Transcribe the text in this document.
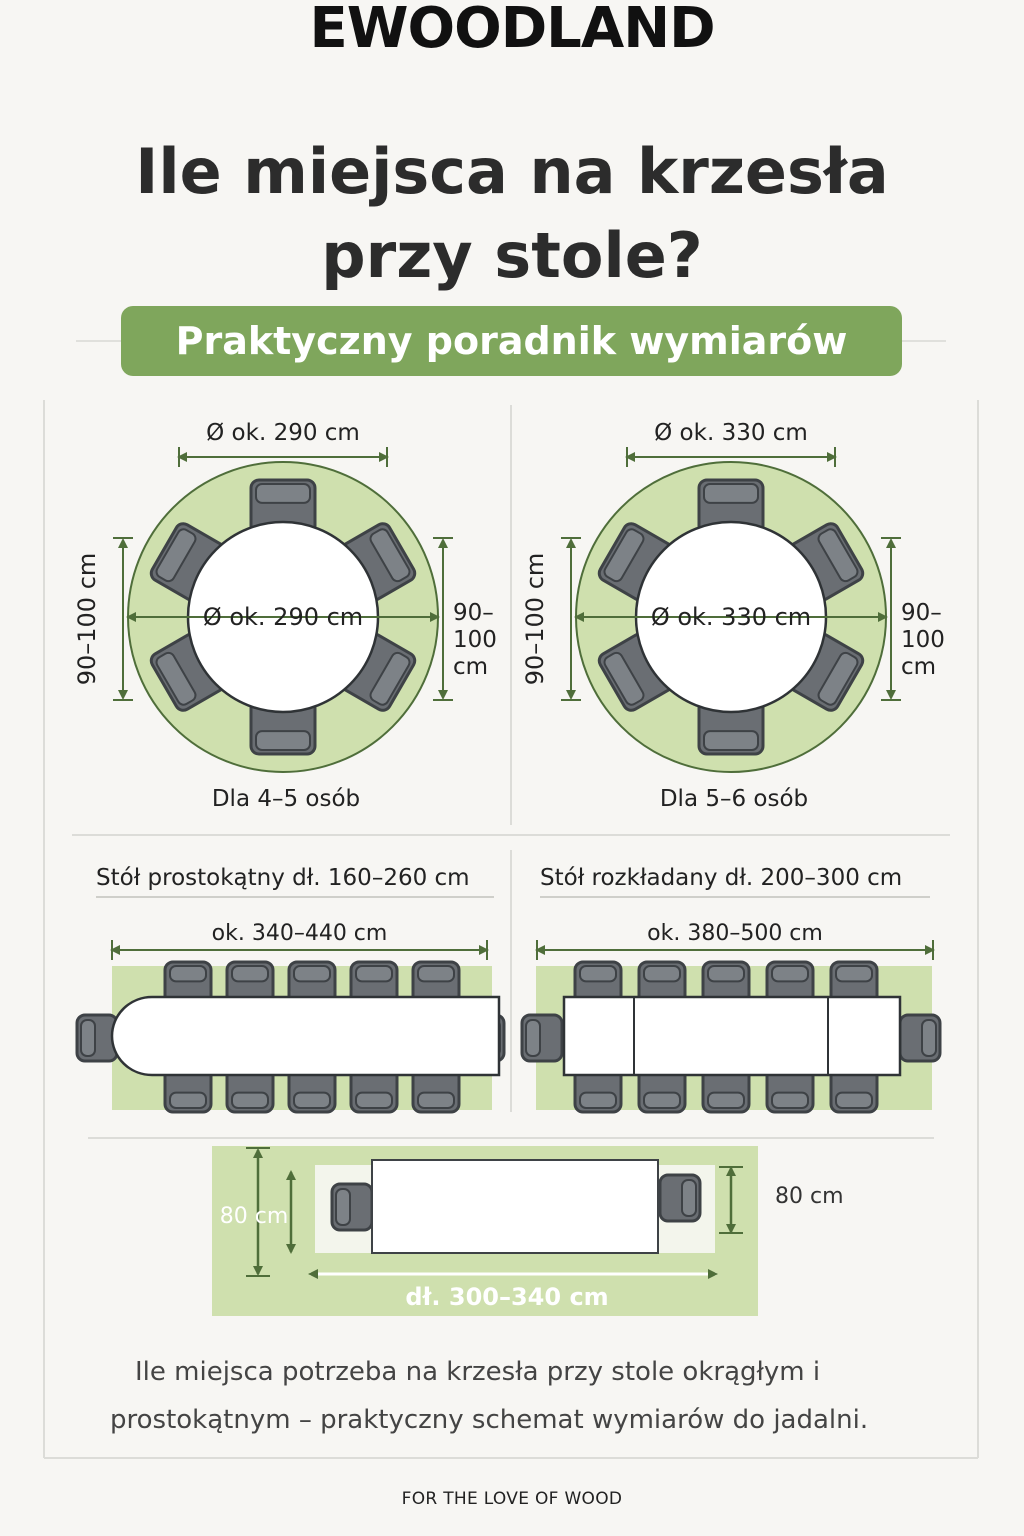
EWOODLAND
Ile miejsca na krzesła
przy stole?
Praktyczny poradnik wymiarów
Ø ok. 290 cm
Ø ok. 290 cm
90–100 cm	90–
100
cm
Dla 4–5 osób
Ø ok. 330 cm
Ø ok. 330 cm
90–100 cm	90–
100
cm
Dla 5–6 osób
Stół prostokątny dł. 160–260 cm
ok. 340–440 cm
Stół rozkładany dł. 200–300 cm
ok. 380–500 cm
80 cm
80 cm
dł. 300–340 cm
Ile miejsca potrzeba na krzesła przy stole okrągłym i
prostokątnym – praktyczny schemat wymiarów do jadalni.
FOR THE LOVE OF WOOD
